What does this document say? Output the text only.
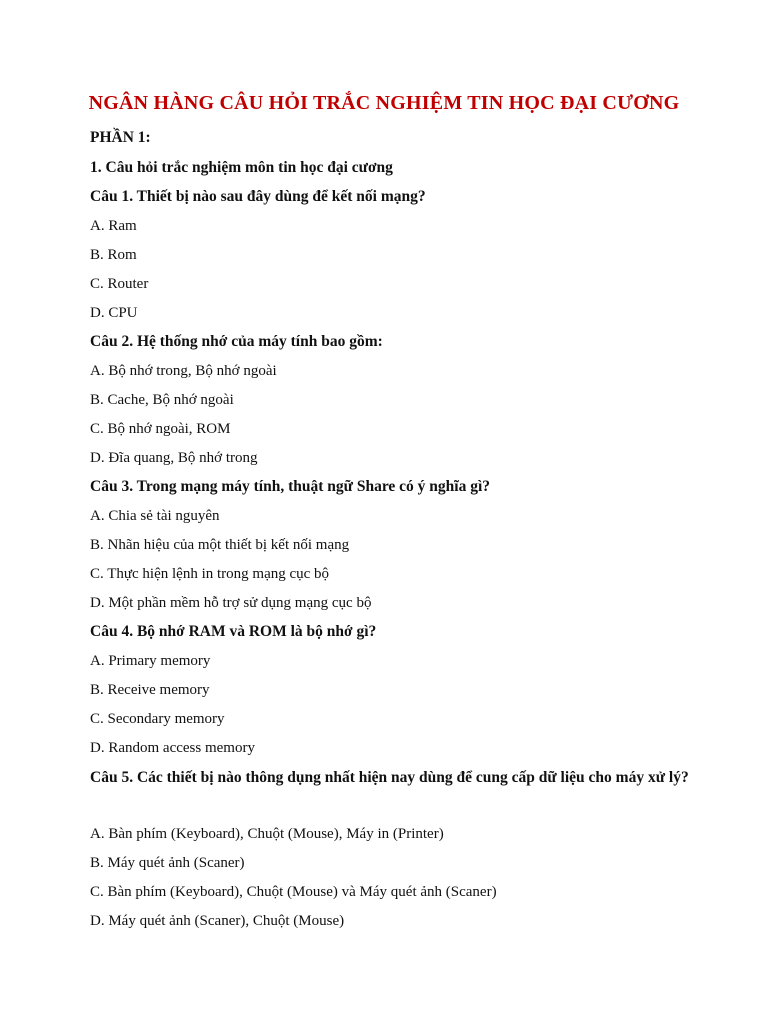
NGÂN HÀNG CÂU HỎI TRẮC NGHIỆM TIN HỌC ĐẠI CƯƠNG
PHẦN 1:
1. Câu hỏi trắc nghiệm môn tin học đại cương
Câu 1. Thiết bị nào sau đây dùng để kết nối mạng?
A. Ram
B. Rom
C. Router
D. CPU
Câu 2. Hệ thống nhớ của máy tính bao gồm:
A. Bộ nhớ trong, Bộ nhớ ngoài
B. Cache, Bộ nhớ ngoài
C. Bộ nhớ ngoài, ROM
D. Đĩa quang, Bộ nhớ trong
Câu 3. Trong mạng máy tính, thuật ngữ Share có ý nghĩa gì?
A. Chia sẻ tài nguyên
B. Nhãn hiệu của một thiết bị kết nối mạng
C. Thực hiện lệnh in trong mạng cục bộ
D. Một phần mềm hỗ trợ sử dụng mạng cục bộ
Câu 4. Bộ nhớ RAM và ROM là bộ nhớ gì?
A. Primary memory
B. Receive memory
C. Secondary memory
D. Random access memory
Câu 5. Các thiết bị nào thông dụng nhất hiện nay dùng để cung cấp dữ liệu cho máy xử lý?
A. Bàn phím (Keyboard), Chuột (Mouse), Máy in (Printer)
B. Máy quét ảnh (Scaner)
C. Bàn phím (Keyboard), Chuột (Mouse) và Máy quét ảnh (Scaner)
D. Máy quét ảnh (Scaner), Chuột (Mouse)
